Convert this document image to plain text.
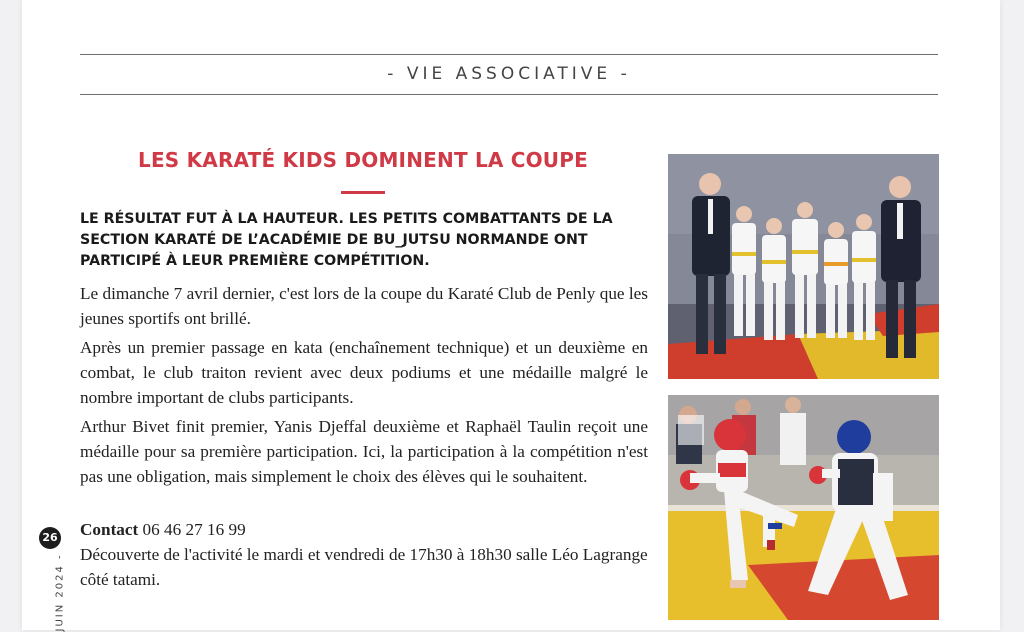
- VIE ASSOCIATIVE -
LES KARATÉ KIDS DOMINENT LA COUPE
LE RÉSULTAT FUT À LA HAUTEUR. LES PETITS COMBATTANTS DE LA SECTION KARATÉ DE L’ACADÉMIE DE BU_JUTSU NORMANDE ONT PARTICIPÉ À LEUR PREMIÈRE COMPÉTITION.

Le dimanche 7 avril dernier, c'est lors de la coupe du Karaté Club de Penly que les jeunes sportifs ont brillé.

Après un premier passage en kata (enchaînement technique) et un deuxième en combat, le club traiton revient avec deux podiums et une médaille malgré le nombre important de clubs participants.

Arthur Bivet finit premier, Yanis Djeffal deuxième et Raphaël Taulin reçoit une médaille pour sa première participation. Ici, la participation à la compétition n'est pas une obligation, mais simplement le choix des élèves qui le souhaitent.

Contact 06 46 27 16 99
Découverte de l'activité le mardi et vendredi de 17h30 à 18h30 salle Léo Lagrange côté tatami.
26
JUIN 2024 -
